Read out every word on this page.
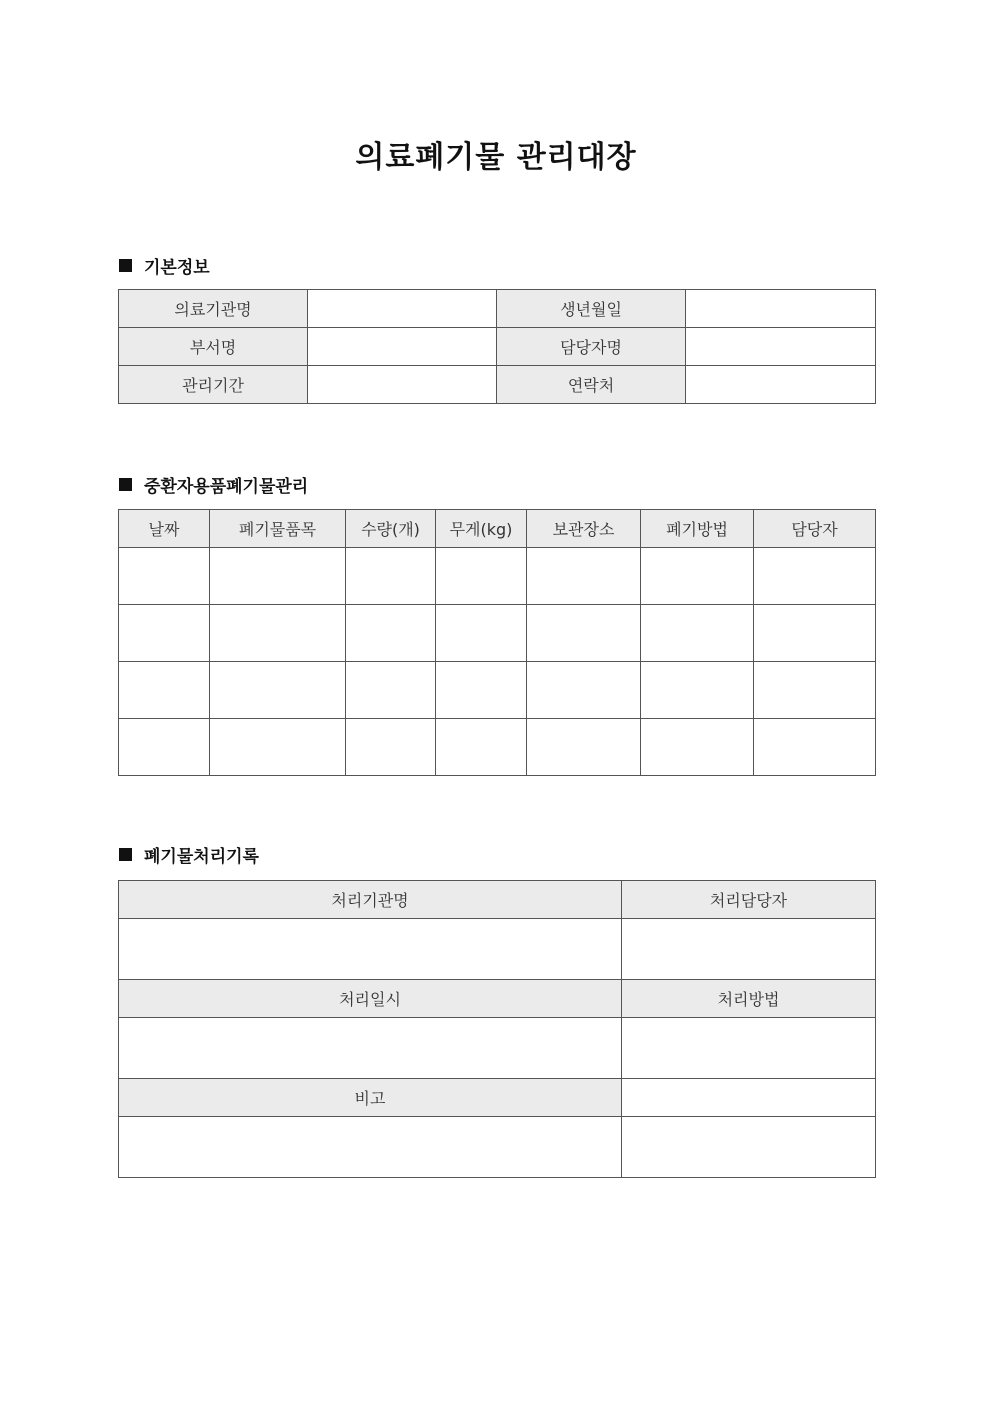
의료폐기물 관리대장
기본정보
의료기관명		생년월일	
부서명		담당자명	
관리기간		연락처	
중환자용품폐기물관리
날짜	폐기물품목	수량(개)	무게(kg)	보관장소	폐기방법	담당자

폐기물처리기록
처리기관명	처리담당자

처리일시	처리방법

비고	
